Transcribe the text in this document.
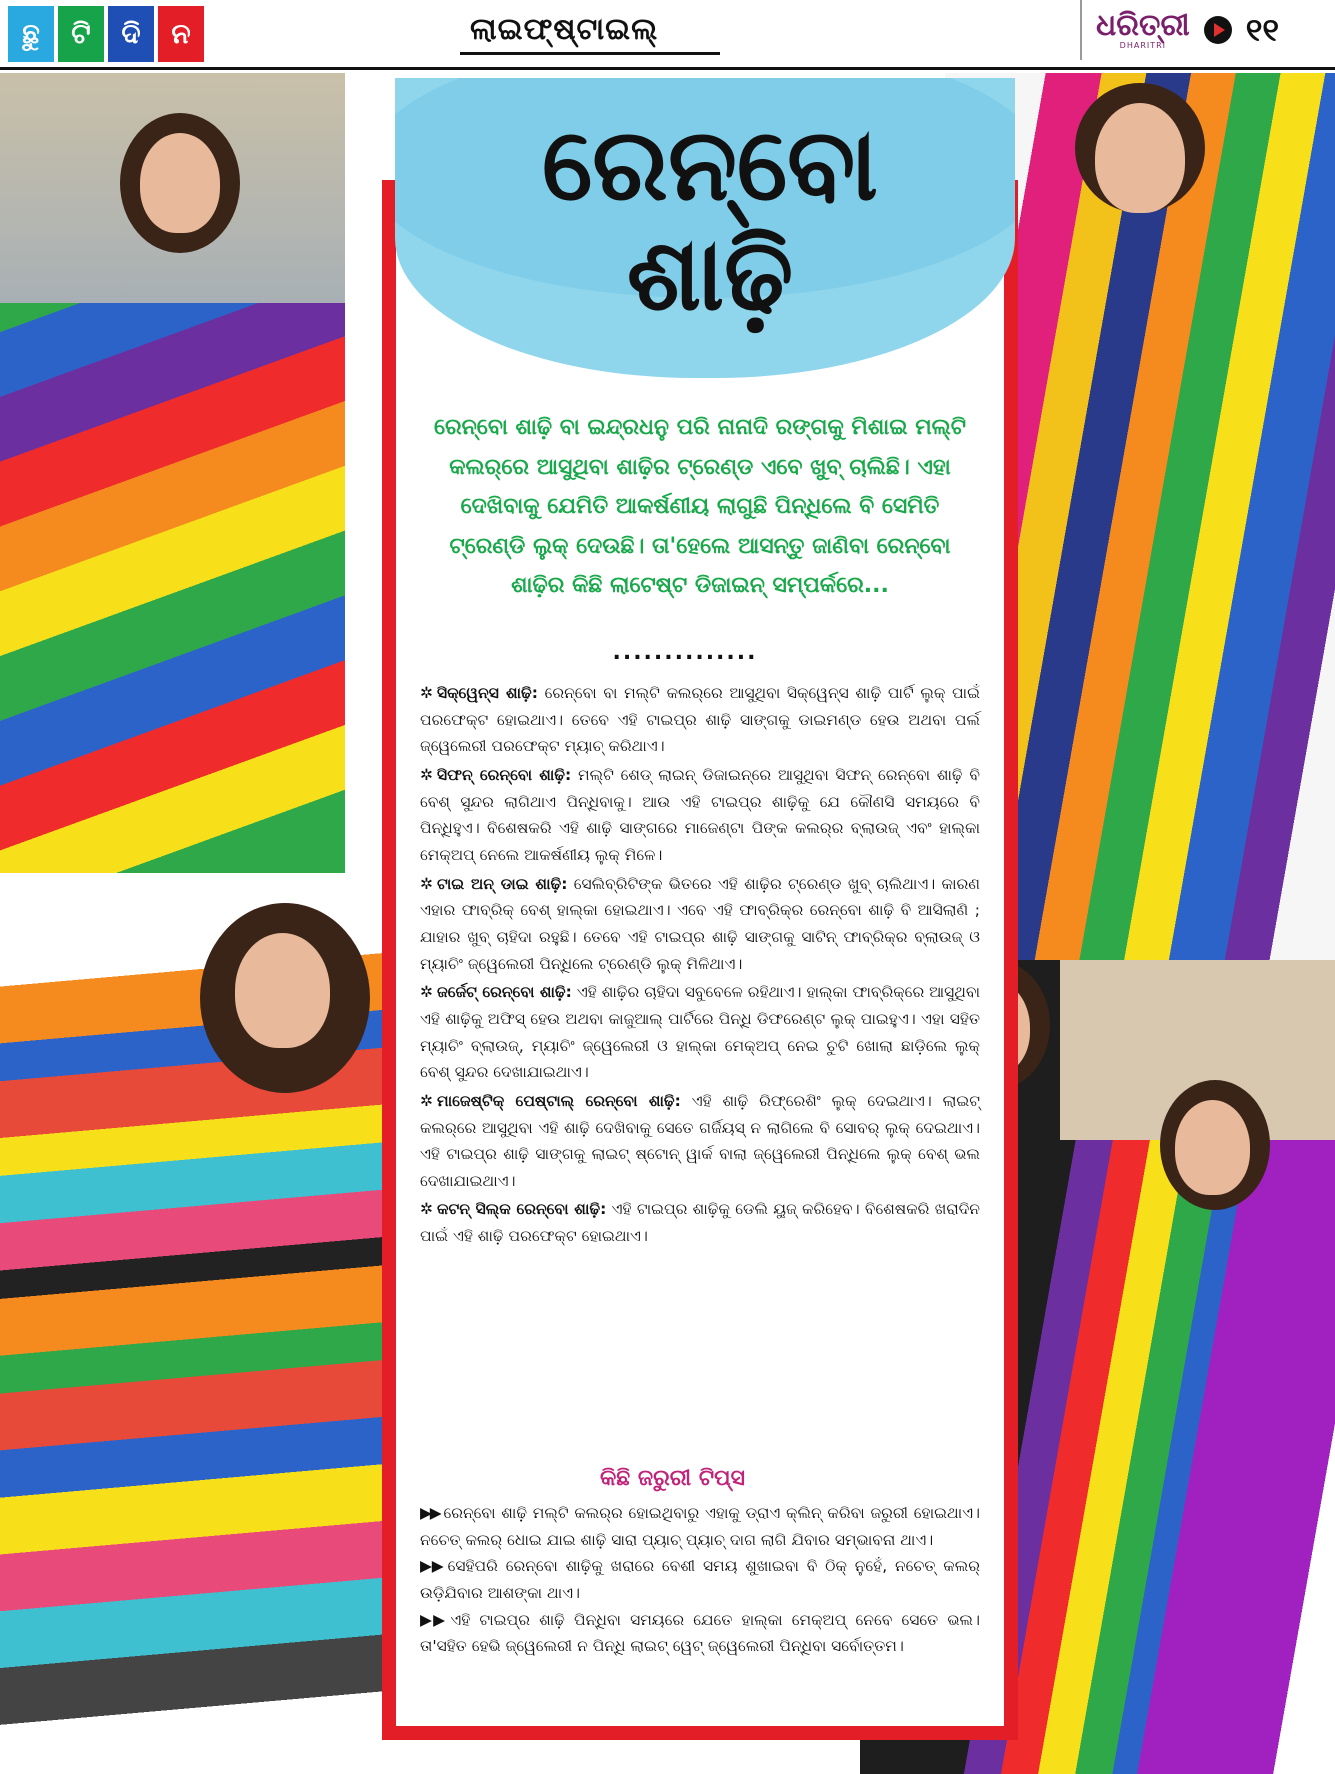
ଛୁ	ଟି	ଦି	ନ	ଲାଇଫ୍‌ଷ୍ଟାଇଲ୍	ଧରିତ୍ରୀ
DHARITRI	୧୧
ରେନ୍‌ବୋ
ଶାଢ଼ି
ରେନ୍‌ବୋ ଶାଢ଼ି ବା ଇନ୍ଦ୍ରଧନୁ ପରି ନାନାଦି ରଙ୍ଗକୁ ମିଶାଇ ମଲ୍ଟି କଲର୍‌ରେ ଆସୁଥିବା ଶାଢ଼ିର ଟ୍ରେଣ୍ଡ ଏବେ ଖୁବ୍ ଚାଲିଛି। ଏହା ଦେଖିବାକୁ ଯେମିତି ଆକର୍ଷଣୀୟ ଲାଗୁଛି ପିନ୍ଧିଲେ ବି ସେମିତି ଟ୍ରେଣ୍ଡି ଲୁକ୍ ଦେଉଛି। ତା'ହେଲେ ଆସନ୍ତୁ ଜାଣିବା ରେନ୍‌ବୋ ଶାଢ଼ିର କିଛି ଲାଟେଷ୍ଟ ଡିଜାଇନ୍ ସମ୍ପର୍କରେ...
..............

✲ ସିକ୍ୱେନ୍ସ ଶାଢ଼ି: ରେନ୍‌ବୋ ବା ମଲ୍ଟି କଲର୍‌ରେ ଆସୁଥିବା ସିକ୍ୱେନ୍ସ ଶାଢ଼ି ପାର୍ଟି ଲୁକ୍ ପାଇଁ ପରଫେକ୍ଟ ହୋଇଥାଏ। ତେବେ ଏହି ଟାଇପ୍‌ର ଶାଢ଼ି ସାଙ୍ଗକୁ ଡାଇମଣ୍ଡ ହେଉ ଅଥବା ପର୍ଲ ଜ୍ୱେଲେରୀ ପରଫେକ୍ଟ ମ୍ୟାଚ୍ କରିଥାଏ।

✲ ସିଫନ୍ ରେନ୍‌ବୋ ଶାଢ଼ି: ମଲ୍ଟି ଶେଡ୍ ଲାଇନ୍ ଡିଜାଇନ୍‌ରେ ଆସୁଥିବା ସିଫନ୍ ରେନ୍‌ବୋ ଶାଢ଼ି ବି ବେଶ୍ ସୁନ୍ଦର ଲାଗିଥାଏ ପିନ୍ଧିବାକୁ। ଆଉ ଏହି ଟାଇପ୍‌ର ଶାଢ଼ିକୁ ଯେ କୌଣସି ସମୟରେ ବି ପିନ୍ଧିହୁଏ। ବିଶେଷକରି ଏହି ଶାଢ଼ି ସାଙ୍ଗରେ ମାଜେଣ୍ଟା ପିଙ୍କ କଲର୍‌ର ବ୍ଲାଉଜ୍ ଏବଂ ହାଲ୍‌କା ମେକ୍‌ଅପ୍ ନେଲେ ଆକର୍ଷଣୀୟ ଲୁକ୍ ମିଳେ।

✲ ଟାଇ ଅନ୍ ଡାଇ ଶାଢ଼ି: ସେଲିବ୍ରିଟିଙ୍କ ଭିତରେ ଏହି ଶାଢ଼ିର ଟ୍ରେଣ୍ଡ ଖୁବ୍ ଚାଲିଥାଏ। କାରଣ ଏହାର ଫାବ୍ରିକ୍ ବେଶ୍ ହାଲ୍‌କା ହୋଇଥାଏ। ଏବେ ଏହି ଫାବ୍ରିକ୍‌ର ରେନ୍‌ବୋ ଶାଢ଼ି ବି ଆସିଲାଣି ; ଯାହାର ଖୁବ୍ ଚାହିଦା ରହୁଛି। ତେବେ ଏହି ଟାଇପ୍‌ର ଶାଢ଼ି ସାଙ୍ଗକୁ ସାଟିନ୍ ଫାବ୍ରିକ୍‌ର ବ୍ଲାଉଜ୍ ଓ ମ୍ୟାଚିଂ ଜ୍ୱେଲେରୀ ପିନ୍ଧିଲେ ଟ୍ରେଣ୍ଡି ଲୁକ୍ ମିଳିଥାଏ।

✲ ଜର୍ଜେଟ୍ ରେନ୍‌ବୋ ଶାଢ଼ି: ଏହି ଶାଢ଼ିର ଚାହିଦା ସବୁବେଳେ ରହିଥାଏ। ହାଲ୍‌କା ଫାବ୍ରିକ୍‌ରେ ଆସୁଥିବା ଏହି ଶାଢ଼ିକୁ ଅଫିସ୍ ହେଉ ଅଥବା କାଜୁଆଲ୍ ପାର୍ଟିରେ ପିନ୍ଧି ଡିଫରେଣ୍ଟ ଲୁକ୍ ପାଇହୁଏ। ଏହା ସହିତ ମ୍ୟାଚିଂ ବ୍ଲାଉଜ୍, ମ୍ୟାଚିଂ ଜ୍ୱେଲେରୀ ଓ ହାଲ୍‌କା ମେକ୍‌ଅପ୍ ନେଇ ଚୁଟି ଖୋଲା ଛାଡ଼ିଲେ ଲୁକ୍ ବେଶ୍ ସୁନ୍ଦର ଦେଖାଯାଇଥାଏ।

✲ ମାଜେଷ୍ଟିକ୍ ପେଷ୍ଟାଲ୍ ରେନ୍‌ବୋ ଶାଢ଼ି: ଏହି ଶାଢ଼ି ରିଫ୍ରେଶିଂ ଲୁକ୍ ଦେଇଥାଏ। ଲାଇଟ୍ କଲର୍‌ରେ ଆସୁଥିବା ଏହି ଶାଢ଼ି ଦେଖିବାକୁ ସେତେ ଗର୍ଜିୟସ୍ ନ ଲାଗିଲେ ବି ସୋବର୍ ଲୁକ୍ ଦେଇଥାଏ। ଏହି ଟାଇପ୍‌ର ଶାଢ଼ି ସାଙ୍ଗକୁ ଲାଇଟ୍ ଷ୍ଟୋନ୍ ୱାର୍କ ବାଲା ଜ୍ୱେଲେରୀ ପିନ୍ଧିଲେ ଲୁକ୍ ବେଶ୍ ଭଲ ଦେଖାଯାଇଥାଏ।

✲ କଟନ୍ ସିଲ୍କ ରେନ୍‌ବୋ ଶାଢ଼ି: ଏହି ଟାଇପ୍‌ର ଶାଢ଼ିକୁ ଡେଲି ୟୁଜ୍ କରିହେବ। ବିଶେଷକରି ଖରାଦିନ ପାଇଁ ଏହି ଶାଢ଼ି ପରଫେକ୍ଟ ହୋଇଥାଏ।

କିଛି ଜରୁରୀ ଟିପ୍ସ

▶▶ ରେନ୍‌ବୋ ଶାଢ଼ି ମଲ୍ଟି କଲର୍‌ର ହୋଇଥିବାରୁ ଏହାକୁ ଡ୍ରାଏ କ୍ଲିନ୍ କରିବା ଜରୁରୀ ହୋଇଥାଏ। ନଚେତ୍ କଲର୍ ଧୋଇ ଯାଇ ଶାଢ଼ି ସାରା ପ୍ୟାଚ୍ ପ୍ୟାଚ୍ ଦାଗ ଲାଗି ଯିବାର ସମ୍ଭାବନା ଥାଏ।

▶▶ ସେହିପରି ରେନ୍‌ବୋ ଶାଢ଼ିକୁ ଖରାରେ ବେଶୀ ସମୟ ଶୁଖାଇବା ବି ଠିକ୍ ନୁହେଁ, ନଚେତ୍ କଲର୍ ଉଡ଼ିଯିବାର ଆଶଙ୍କା ଥାଏ।

▶▶ ଏହି ଟାଇପ୍‌ର ଶାଢ଼ି ପିନ୍ଧିବା ସମୟରେ ଯେତେ ହାଲ୍‌କା ମେକ୍‌ଅପ୍ ନେବେ ସେତେ ଭଲ। ତା'ସହିତ ହେଭି ଜ୍ୱେଲେରୀ ନ ପିନ୍ଧି ଲାଇଟ୍ ୱେଟ୍ ଜ୍ୱେଲେରୀ ପିନ୍ଧିବା ସର୍ବୋତ୍ତମ।
